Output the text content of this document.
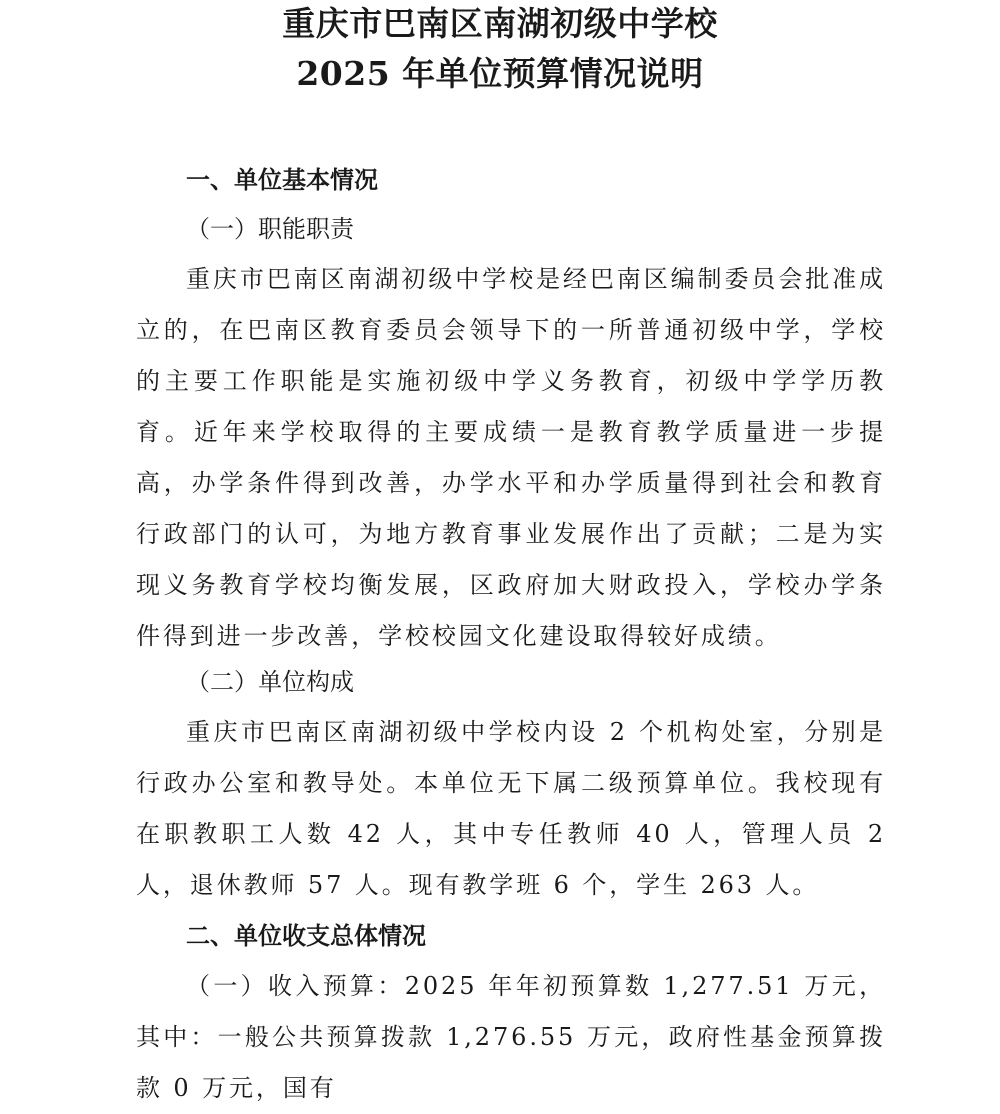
重庆市巴南区南湖初级中学校
2025 年单位预算情况说明
一、单位基本情况
（一）职能职责

重庆市巴南区南湖初级中学校是经巴南区编制委员会批准成立的，在巴南区教育委员会领导下的一所普通初级中学，学校的主要工作职能是实施初级中学义务教育，初级中学学历教育。近年来学校取得的主要成绩一是教育教学质量进一步提高，办学条件得到改善，办学水平和办学质量得到社会和教育行政部门的认可，为地方教育事业发展作出了贡献；二是为实现义务教育学校均衡发展，区政府加大财政投入，学校办学条件得到进一步改善，学校校园文化建设取得较好成绩。

（二）单位构成

重庆市巴南区南湖初级中学校内设 2 个机构处室，分别是行政办公室和教导处。本单位无下属二级预算单位。我校现有在职教职工人数 42 人，其中专任教师 40 人，管理人员 2 人，退休教师 57 人。现有教学班 6 个，学生 263 人。

二、单位收支总体情况

（一）收入预算：2025 年年初预算数 1,277.51 万元，其中：一般公共预算拨款 1,276.55 万元，政府性基金预算拨款 0 万元，国有
